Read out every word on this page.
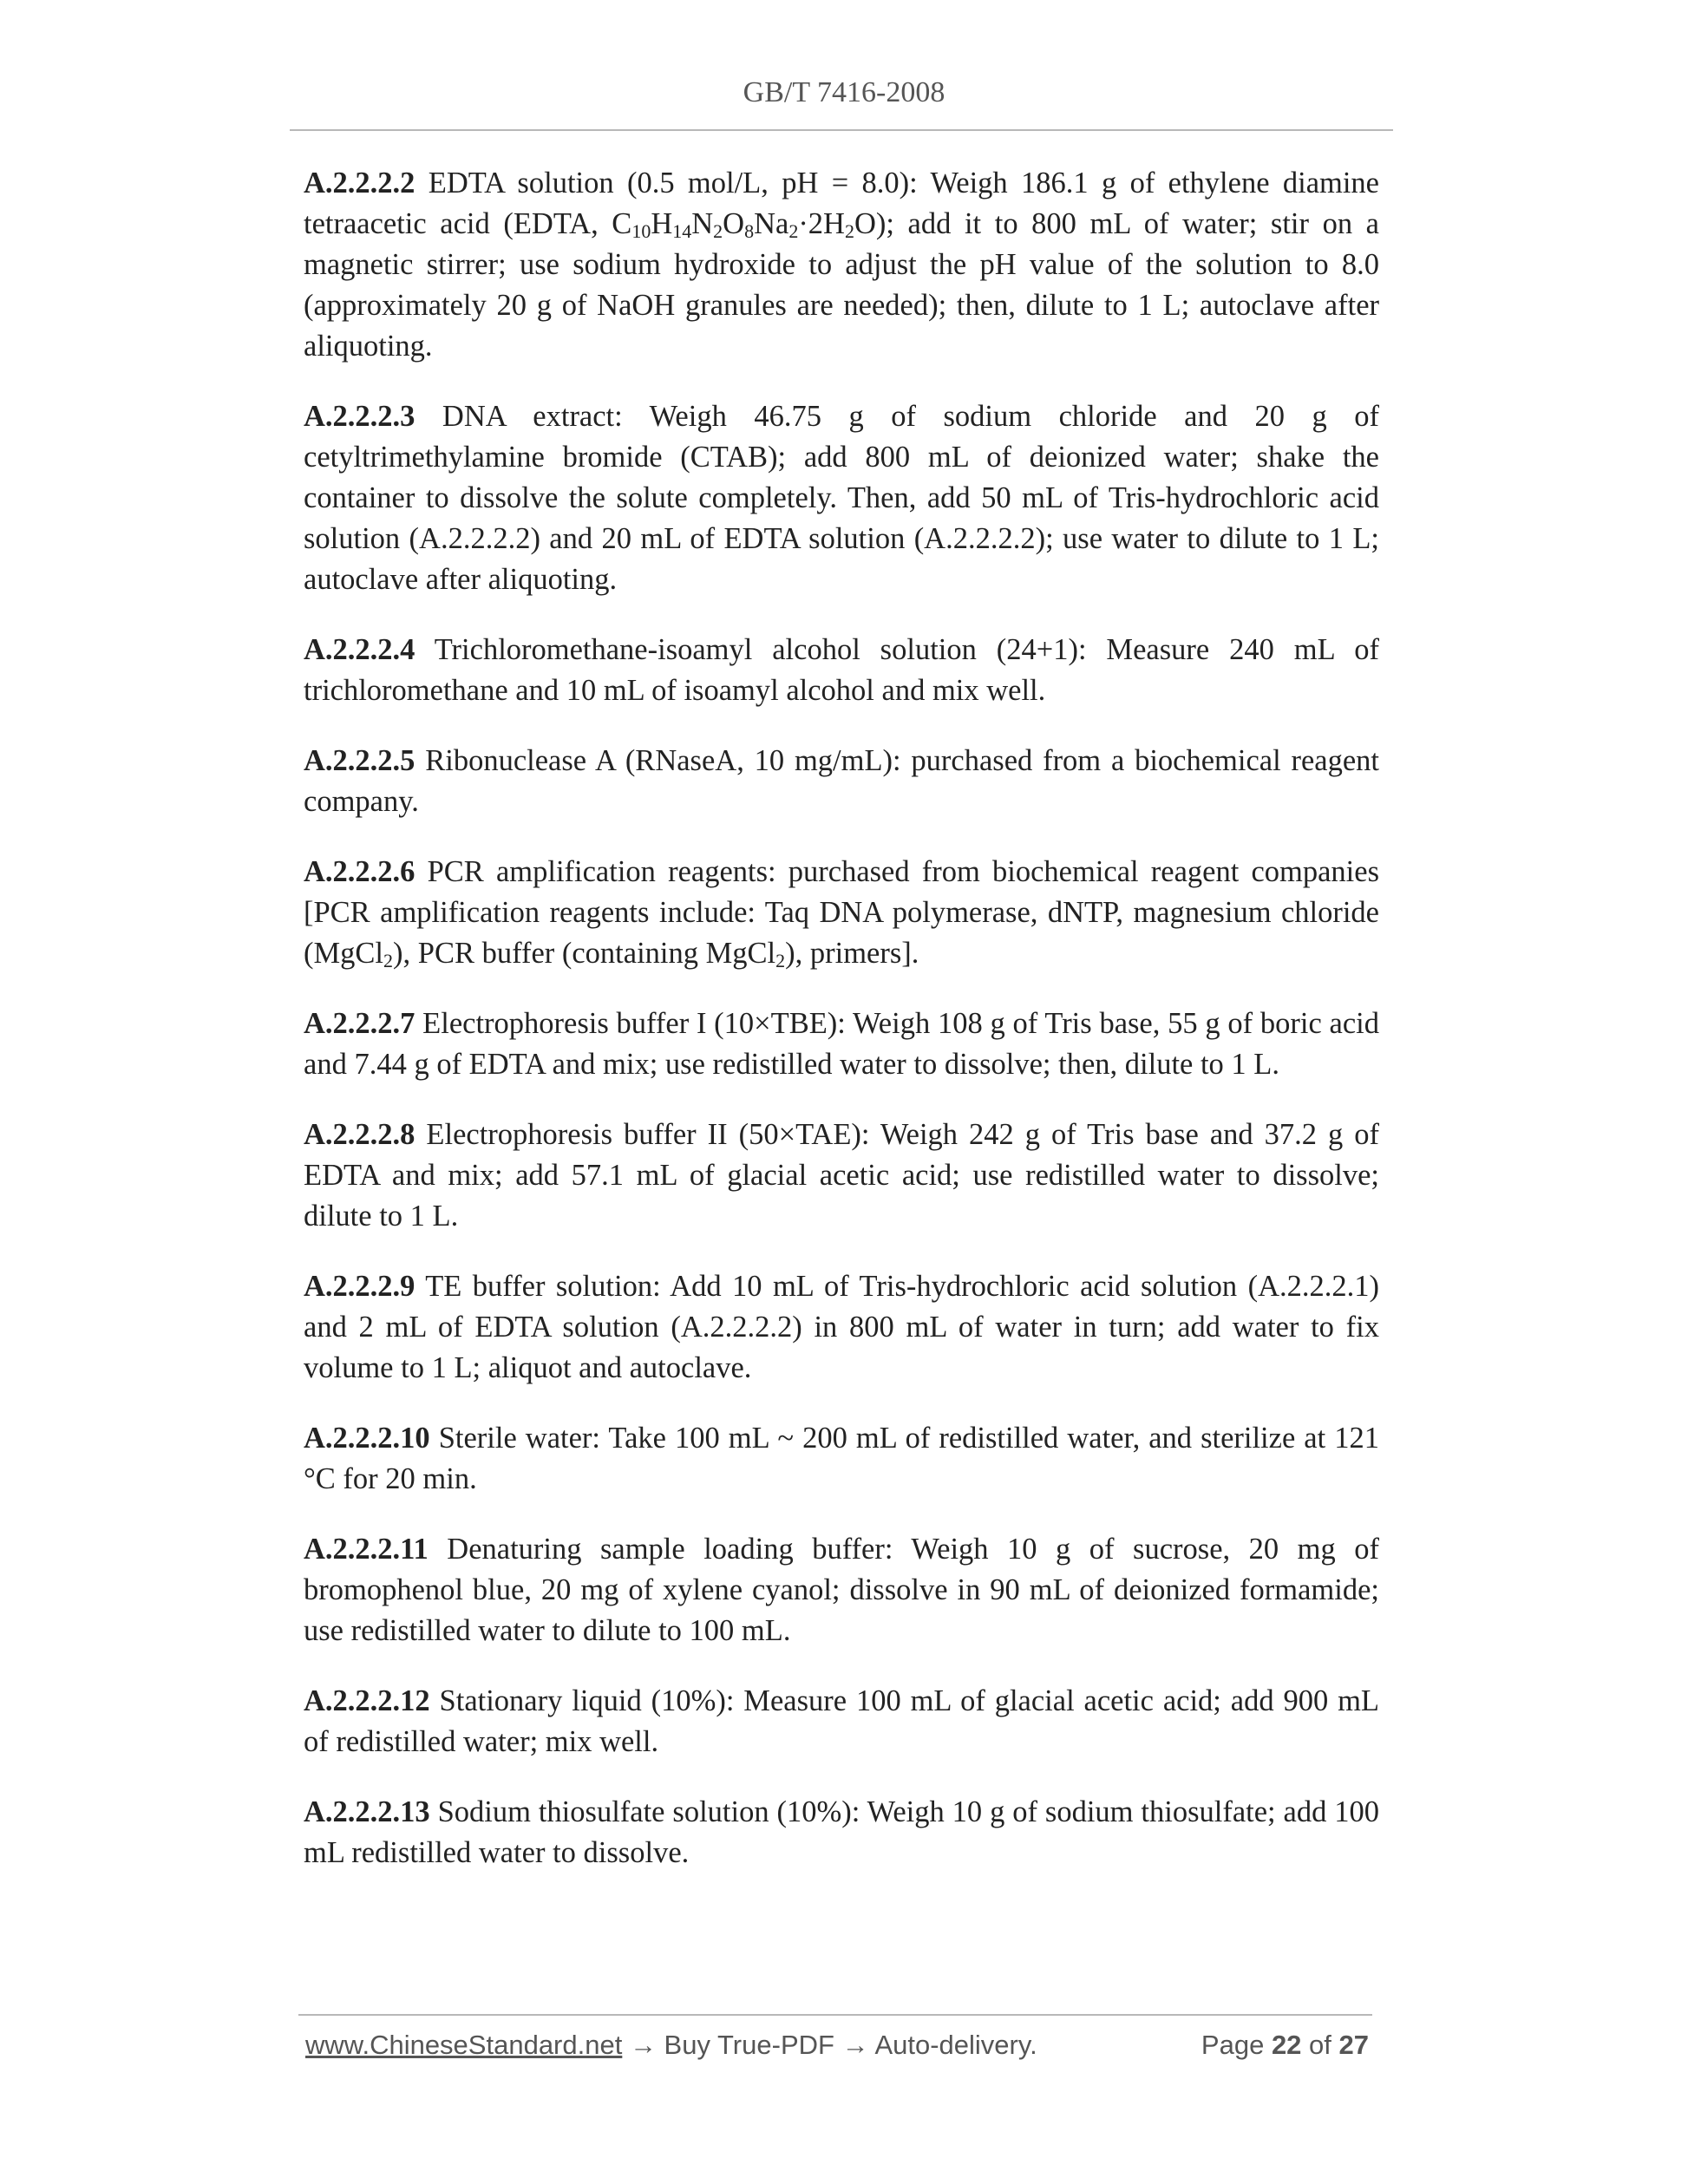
GB/T 7416-2008

A.2.2.2.2 EDTA solution (0.5 mol/L, pH = 8.0): Weigh 186.1 g of ethylene diamine tetraacetic acid (EDTA, $C_{10}H_{14}N_2O_8Na_2\cdot 2H_2O$); add it to 800 mL of water; stir on a magnetic stirrer; use sodium hydroxide to adjust the pH value of the solution to 8.0 (approximately 20 g of NaOH granules are needed); then, dilute to 1 L; autoclave after aliquoting.

A.2.2.2.3 DNA extract: Weigh 46.75 g of sodium chloride and 20 g of cetyltrimethylamine bromide (CTAB); add 800 mL of deionized water; shake the container to dissolve the solute completely. Then, add 50 mL of Tris-hydrochloric acid solution (A.2.2.2.2) and 20 mL of EDTA solution (A.2.2.2.2); use water to dilute to 1 L; autoclave after aliquoting.

A.2.2.2.4 Trichloromethane-isoamyl alcohol solution (24+1): Measure 240 mL of trichloromethane and 10 mL of isoamyl alcohol and mix well.

A.2.2.2.5 Ribonuclease A (RNaseA, 10 mg/mL): purchased from a biochemical reagent company.

A.2.2.2.6 PCR amplification reagents: purchased from biochemical reagent companies [PCR amplification reagents include: Taq DNA polymerase, dNTP, magnesium chloride (MgCl$_2$), PCR buffer (containing MgCl$_2$), primers].

A.2.2.2.7 Electrophoresis buffer I (10×TBE): Weigh 108 g of Tris base, 55 g of boric acid and 7.44 g of EDTA and mix; use redistilled water to dissolve; then, dilute to 1 L.

A.2.2.2.8 Electrophoresis buffer II (50×TAE): Weigh 242 g of Tris base and 37.2 g of EDTA and mix; add 57.1 mL of glacial acetic acid; use redistilled water to dissolve; dilute to 1 L.

A.2.2.2.9 TE buffer solution: Add 10 mL of Tris-hydrochloric acid solution (A.2.2.2.1) and 2 mL of EDTA solution (A.2.2.2.2) in 800 mL of water in turn; add water to fix volume to 1 L; aliquot and autoclave.

A.2.2.2.10 Sterile water: Take 100 mL ~ 200 mL of redistilled water, and sterilize at 121 °C for 20 min.

A.2.2.2.11 Denaturing sample loading buffer: Weigh 10 g of sucrose, 20 mg of bromophenol blue, 20 mg of xylene cyanol; dissolve in 90 mL of deionized formamide; use redistilled water to dilute to 100 mL.

A.2.2.2.12 Stationary liquid (10%): Measure 100 mL of glacial acetic acid; add 900 mL of redistilled water; mix well.

A.2.2.2.13 Sodium thiosulfate solution (10%): Weigh 10 g of sodium thiosulfate; add 100 mL redistilled water to dissolve.

www.ChineseStandard.net → Buy True-PDF → Auto-delivery.	Page 22 of 27
